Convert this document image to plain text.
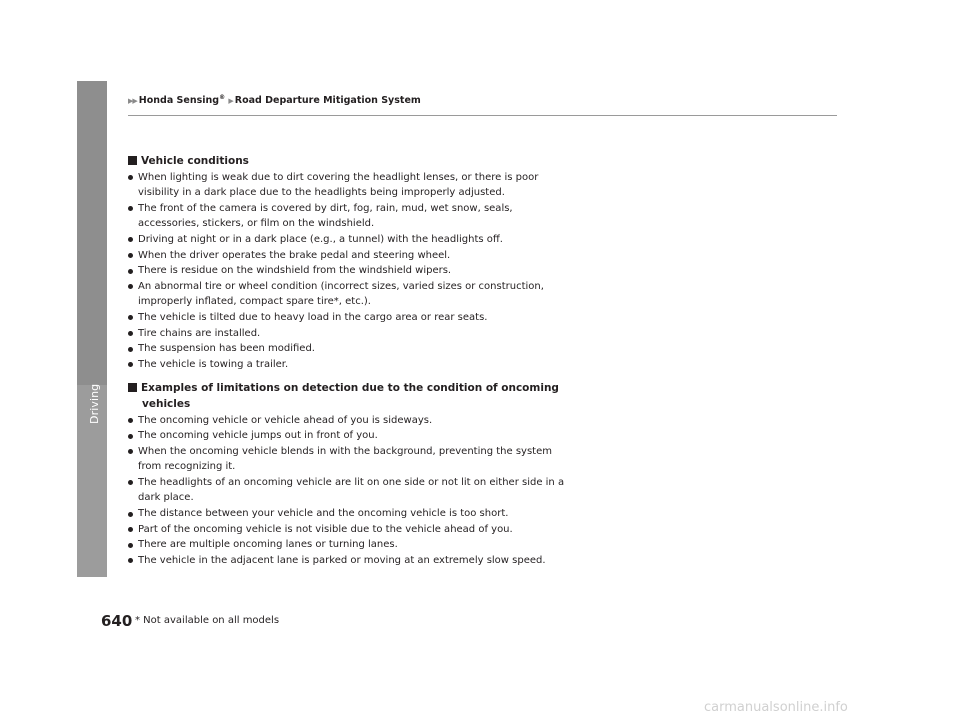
Driving
▶▶ Honda Sensing® ▶ Road Departure Mitigation System

Vehicle conditions

When lighting is weak due to dirt covering the headlight lenses, or there is poor visibility in a dark place due to the headlights being improperly adjusted.
The front of the camera is covered by dirt, fog, rain, mud, wet snow, seals, accessories, stickers, or film on the windshield.
Driving at night or in a dark place (e.g., a tunnel) with the headlights off.
When the driver operates the brake pedal and steering wheel.
There is residue on the windshield from the windshield wipers.
An abnormal tire or wheel condition (incorrect sizes, varied sizes or construction, improperly inflated, compact spare tire*, etc.).
The vehicle is tilted due to heavy load in the cargo area or rear seats.
Tire chains are installed.
The suspension has been modified.
The vehicle is towing a trailer.

Examples of limitations on detection due to the condition of oncoming vehicles

The oncoming vehicle or vehicle ahead of you is sideways.
The oncoming vehicle jumps out in front of you.
When the oncoming vehicle blends in with the background, preventing the system from recognizing it.
The headlights of an oncoming vehicle are lit on one side or not lit on either side in a dark place.
The distance between your vehicle and the oncoming vehicle is too short.
Part of the oncoming vehicle is not visible due to the vehicle ahead of you.
There are multiple oncoming lanes or turning lanes.
The vehicle in the adjacent lane is parked or moving at an extremely slow speed.
640 * Not available on all models
carmanualsonline.info
